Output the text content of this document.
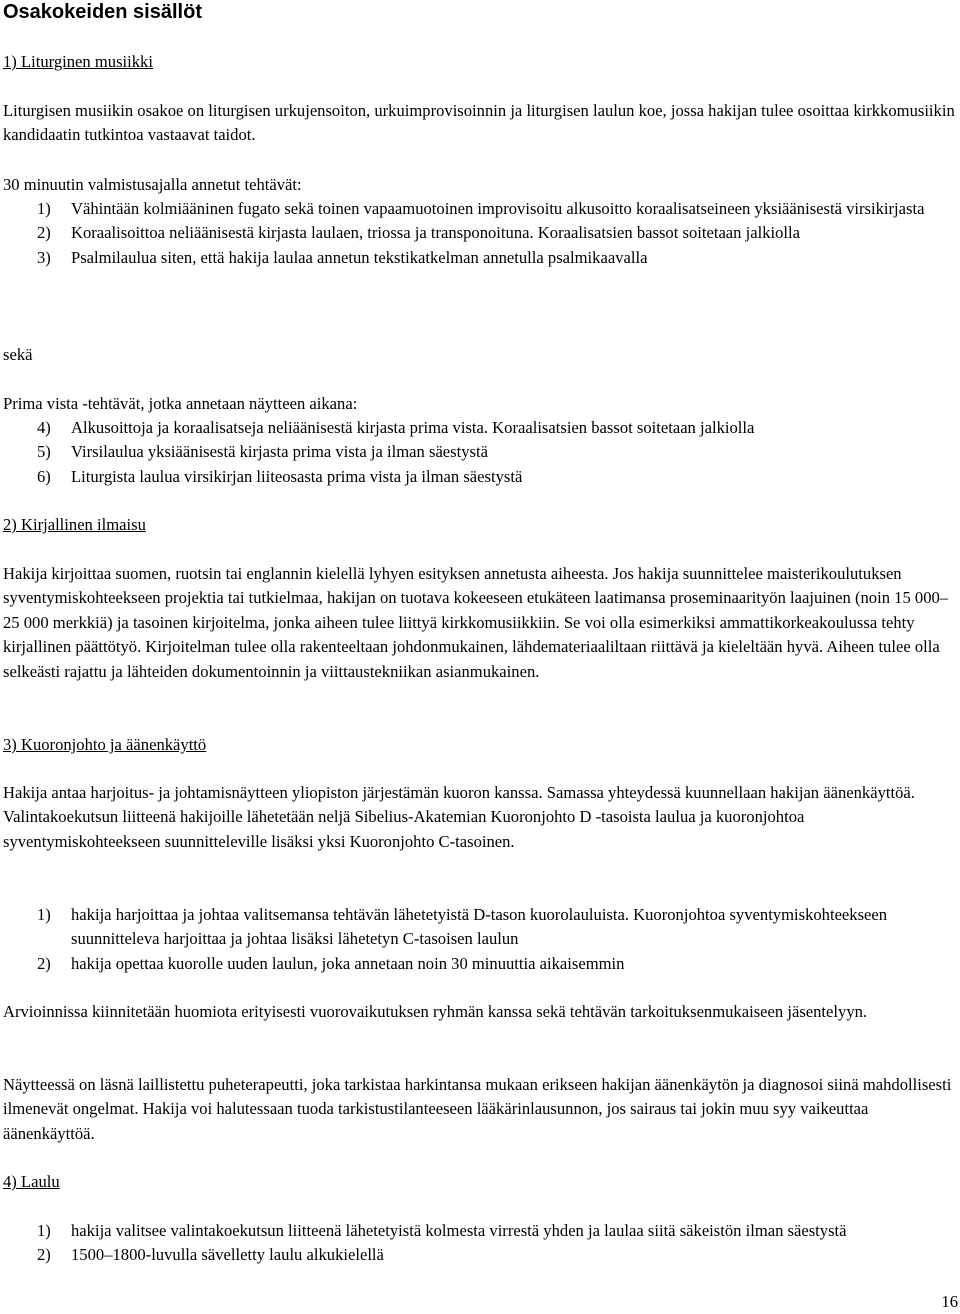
Osakokeiden sisällöt

1) Liturginen musiikki

Liturgisen musiikin osakoe on liturgisen urkujensoiton, urkuimprovisoinnin ja liturgisen laulun koe, jossa hakijan tulee osoittaa kirkkomusiikin kandidaatin tutkintoa vastaavat taidot.

30 minuutin valmistusajalla annetut tehtävät:

1)	Vähintään kolmiääninen fugato sekä toinen vapaamuotoinen improvisoitu alkusoitto koraalisatseineen yksiäänisestä virsikirjasta
2)	Koraalisoittoa neliäänisestä kirjasta laulaen, triossa ja transponoituna. Koraalisatsien bassot soitetaan jalkiolla
3)	Psalmilaulua siten, että hakija laulaa annetun tekstikatkelman annetulla psalmikaavalla

sekä

Prima vista -tehtävät, jotka annetaan näytteen aikana:

4)	Alkusoittoja ja koraalisatseja neliäänisestä kirjasta prima vista. Koraalisatsien bassot soitetaan jalkiolla
5)	Virsilaulua yksiäänisestä kirjasta prima vista ja ilman säestystä
6)	Liturgista laulua virsikirjan liiteosasta prima vista ja ilman säestystä

2) Kirjallinen ilmaisu

Hakija kirjoittaa suomen, ruotsin tai englannin kielellä lyhyen esityksen annetusta aiheesta. Jos hakija suunnittelee maisterikoulutuksen syventymiskohteekseen projektia tai tutkielmaa, hakijan on tuotava kokeeseen etukäteen laatimansa proseminaarityön laajuinen (noin 15 000–25 000 merkkiä) ja tasoinen kirjoitelma, jonka aiheen tulee liittyä kirkkomusiikkiin. Se voi olla esimerkiksi ammattikorkeakoulussa tehty kirjallinen päättötyö. Kirjoitelman tulee olla rakenteeltaan johdonmukainen, lähdemateriaaliltaan riittävä ja kieleltään hyvä. Aiheen tulee olla selkeästi rajattu ja lähteiden dokumentoinnin ja viittaustekniikan asianmukainen.

3) Kuoronjohto ja äänenkäyttö

Hakija antaa harjoitus- ja johtamisnäytteen yliopiston järjestämän kuoron kanssa. Samassa yhteydessä kuunnellaan hakijan äänenkäyttöä. Valintakoekutsun liitteenä hakijoille lähetetään neljä Sibelius-Akatemian Kuoronjohto D -tasoista laulua ja kuoronjohtoa syventymiskohteekseen suunnitteleville lisäksi yksi Kuoronjohto C-tasoinen.

1)	hakija harjoittaa ja johtaa valitsemansa tehtävän lähetetyistä D-tason kuorolauluista. Kuoronjohtoa syventymiskohteekseen suunnitteleva harjoittaa ja johtaa lisäksi lähetetyn C-tasoisen laulun
2)	hakija opettaa kuorolle uuden laulun, joka annetaan noin 30 minuuttia aikaisemmin

Arvioinnissa kiinnitetään huomiota erityisesti vuorovaikutuksen ryhmän kanssa sekä tehtävän tarkoituksenmukaiseen jäsentelyyn.

Näytteessä on läsnä laillistettu puheterapeutti, joka tarkistaa harkintansa mukaan erikseen hakijan äänenkäytön ja diagnosoi siinä mahdollisesti ilmenevät ongelmat. Hakija voi halutessaan tuoda tarkistustilanteeseen lääkärinlausunnon, jos sairaus tai jokin muu syy vaikeuttaa äänenkäyttöä.

4) Laulu

1)	hakija valitsee valintakoekutsun liitteenä lähetetyistä kolmesta virrestä yhden ja laulaa siitä säkeistön ilman säestystä
2)	1500–1800-luvulla sävelletty laulu alkukielellä
16
